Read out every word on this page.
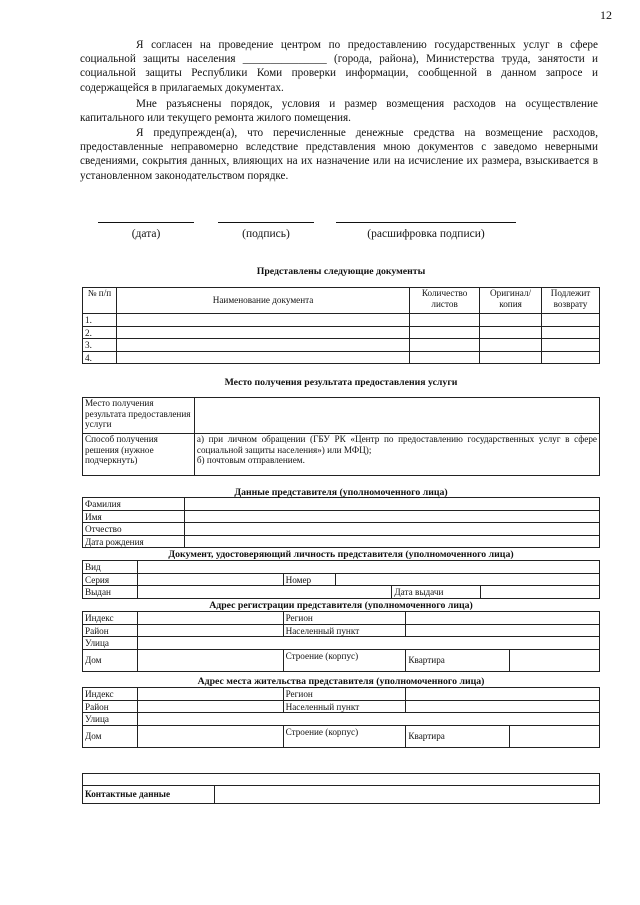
12
Я согласен на проведение центром по предоставлению государственных услуг в сфере социальной защиты населения _______________ (города, района), Министерства труда, занятости и социальной защиты Республики Коми проверки информации, сообщенной в данном запросе и содержащейся в прилагаемых документах.
Мне разъяснены порядок, условия и размер возмещения расходов на осуществление капитального или текущего ремонта жилого помещения.
Я предупрежден(а), что перечисленные денежные средства на возмещение расходов, предоставленные неправомерно вследствие представления мною документов с заведомо неверными сведениями, сокрытия данных, влияющих на их назначение или на исчисление их размера, взыскивается в установленном законодательством порядке.
(дата)	(подпись)	(расшифровка подписи)
Представлены следующие документы
№ п/п	Наименование документа	Количество листов	Оригинал/копия	Подлежит возврату
1.				
2.				
3.				
4.				
Место получения результата предоставления услуги
Место получения результата предоставления услуги	
Способ получения решения (нужное подчеркнуть)	а) при личном обращении (ГБУ РК «Центр по предоставлению государственных услуг в сфере социальной защиты населения») или МФЦ);
б) почтовым отправлением.
Данные представителя (уполномоченного лица)
Фамилия	
Имя	
Отчество	
Дата рождения	
Документ, удостоверяющий личность представителя (уполномоченного лица)
Вид					
Серия		Номер			
Выдан				Дата выдачи	
Адрес регистрации представителя (уполномоченного лица)
Индекс		Регион		
Район		Населенный пункт		
Улица				
Дом		Строение (корпус)	Квартира	
Адрес места жительства представителя (уполномоченного лица)
Индекс		Регион		
Район		Населенный пункт		
Улица				
Дом		Строение (корпус)	Квартира	

Контактные данные	
